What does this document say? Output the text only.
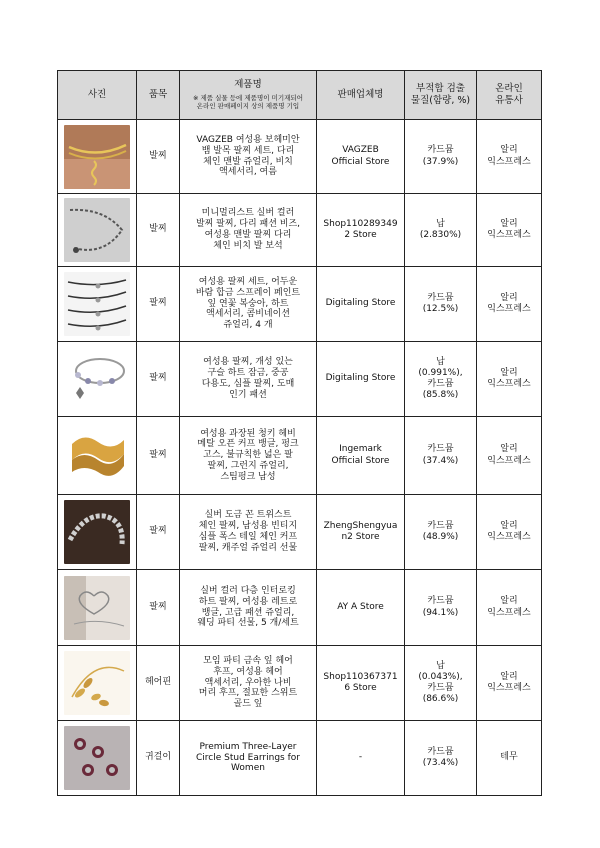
사진	품목	제품명
※ 제품 실물 등에 제품명이 미기재되어
온라인 판매페이지 상의 제품명 기입	판매업체명	부적합 검출
물질(함량, %)	온라인
유통사

	발찌	VAGZEB 여성용 보헤미안
뱀 발목 팔찌 세트, 다리
체인 맨발 쥬얼리, 비치
액세서리, 여름	VAGZEB
Official Store	카드뮴
(37.9%)	알리
익스프레스

	발찌	미니멀리스트 실버 컬러
발찌 팔찌, 다리 패션 비즈,
여성용 맨발 팔찌 다리
체인 비치 발 보석	Shop110289349
2 Store	납
(2.830%)	알리
익스프레스

	팔찌	여성용 팔찌 세트, 어두운
바람 합금 스프레이 페인트
잎 연꽃 복숭아, 하트
액세서리, 콤비네이션
쥬얼리, 4 개	Digitaling Store	카드뮴
(12.5%)	알리
익스프레스

	팔찌	여성용 팔찌, 개성 있는
구슬 하트 잠금, 중공
다용도, 심플 팔찌, 도매
인기 패션	Digitaling Store	납
(0.991%),
카드뮴
(85.8%)	알리
익스프레스

	팔찌	여성용 과장된 청키 헤비
메탈 오픈 커프 뱅글, 펑크
고스, 불규칙한 넓은 팔
팔찌, 그런지 쥬얼리,
스팀펑크 남성	Ingemark
Official Store	카드뮴
(37.4%)	알리
익스프레스

	팔찌	실버 도금 꼰 트위스트
체인 팔찌, 남성용 빈티지
심플 폭스 테일 체인 커프
팔찌, 캐주얼 쥬얼리 선물	ZhengShengyua
n2 Store	카드뮴
(48.9%)	알리
익스프레스

	팔찌	실버 컬러 다층 인터로킹
하트 팔찌, 여성용 레트로
뱅글, 고급 패션 쥬얼리,
웨딩 파티 선물, 5 개/세트	AY A Store	카드뮴
(94.1%)	알리
익스프레스

	헤어핀	모임 파티 금속 잎 헤어
후프, 여성용 헤어
액세서리, 우아한 나비
머리 후프, 절묘한 스위트
골드 잎	Shop110367371
6 Store	납
(0.043%),
카드뮴
(86.6%)	알리
익스프레스

	귀걸이	Premium Three-Layer
Circle Stud Earrings for
Women	-	카드뮴
(73.4%)	테무
